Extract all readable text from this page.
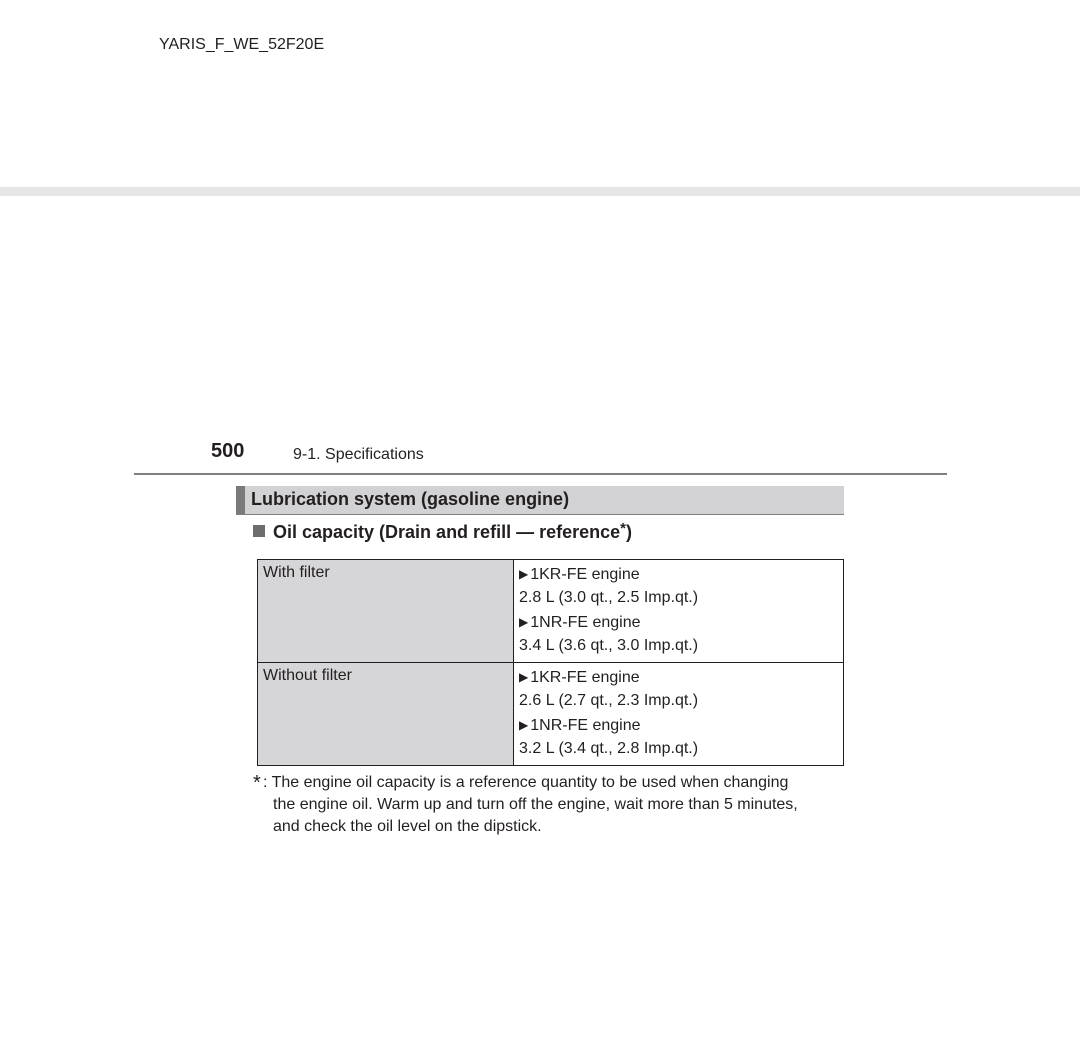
YARIS_F_WE_52F20E
500	9-1. Specifications
Lubrication system (gasoline engine)
Oil capacity (Drain and refill — reference*)
With filter	▶ 1KR-FE engine
2.8 L (3.0 qt., 2.5 Imp.qt.)
▶ 1NR-FE engine
3.4 L (3.6 qt., 3.0 Imp.qt.)

Without filter	▶ 1KR-FE engine
2.6 L (2.7 qt., 2.3 Imp.qt.)
▶ 1NR-FE engine
3.2 L (3.4 qt., 2.8 Imp.qt.)
* : The engine oil capacity is a reference quantity to be used when changing
the engine oil. Warm up and turn off the engine, wait more than 5 minutes,
and check the oil level on the dipstick.
